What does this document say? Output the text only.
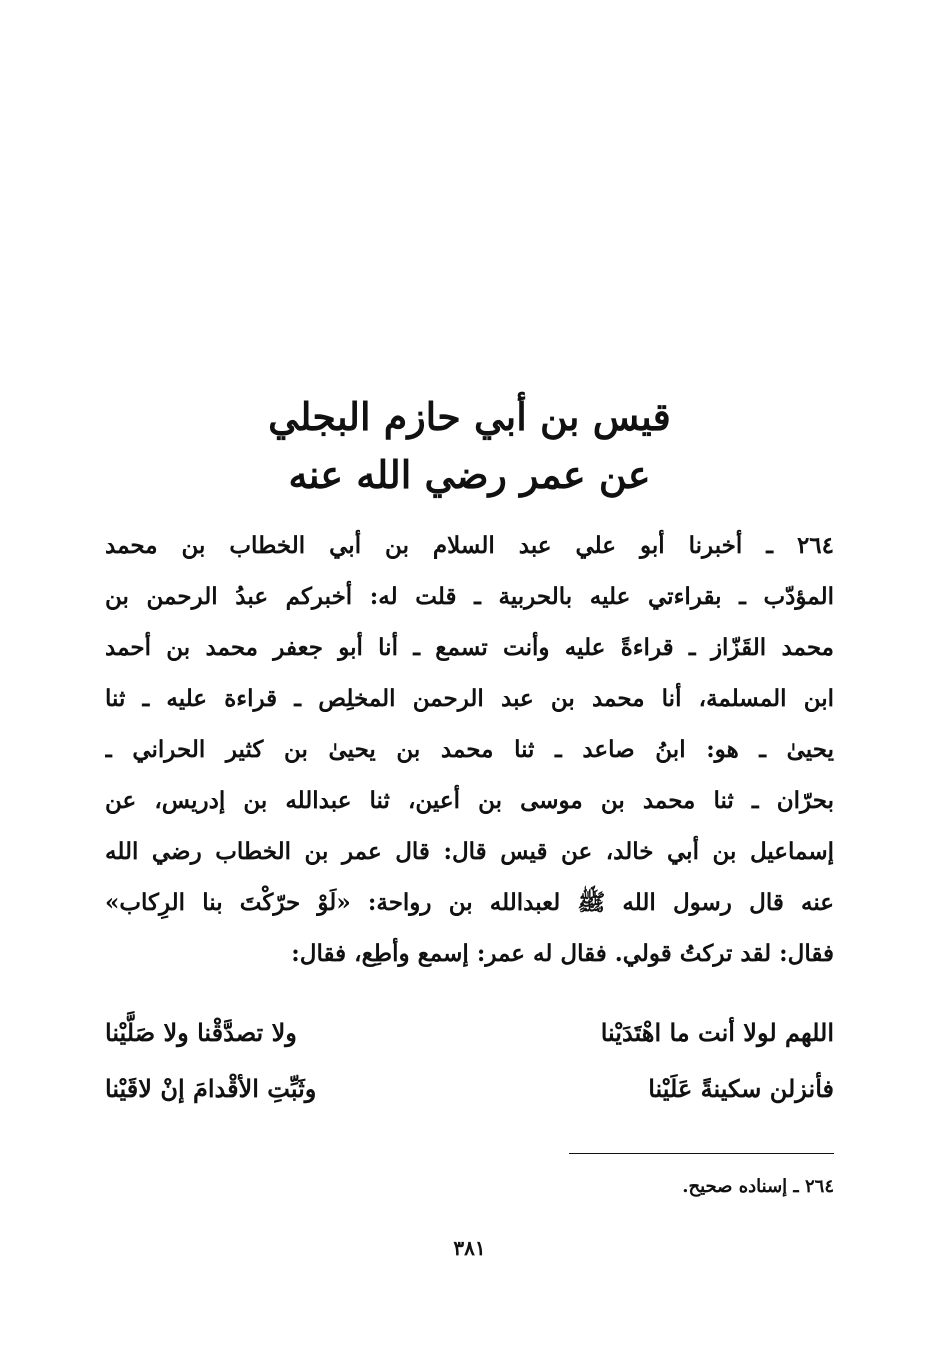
قيس بن أبي حازم البجلي

عن عمر رضي الله عنه

٢٦٤ ـ أخبرنا أبو علي عبد السلام بن أبي الخطاب بن محمد
المؤدّب ـ بقراءتي عليه بالحربية ـ قلت له: أخبركم عبدُ الرحمن بن
محمد القَزّاز ـ قراءةً عليه وأنت تسمع ـ أنا أبو جعفر محمد بن أحمد
ابن المسلمة، أنا محمد بن عبد الرحمن المخلِص ـ قراءة عليه ـ ثنا
يحيىٰ ـ هو: ابنُ صاعد ـ ثنا محمد بن يحيىٰ بن كثير الحراني ـ
بحرّان ـ ثنا محمد بن موسى بن أعين، ثنا عبدالله بن إدريس، عن
إسماعيل بن أبي خالد، عن قيس قال: قال عمر بن الخطاب رضي الله
عنه قال رسول الله ﷺ لعبدالله بن رواحة: «لَوْ حرّكْتَ بنا الرِكاب»
فقال: لقد تركتُ قولي. فقال له عمر: إسمع وأطِع، فقال:
اللهم لولا أنت ما اهْتَدَيْنا
ولا تصدَّقْنا ولا صَلَّيْنا
فأنزلن سكينةً عَلَيْنا
وثَبِّتِ الأقْدامَ إنْ لاقَيْنا
٢٦٤ ـ إسناده صحيح.
٣٨١
